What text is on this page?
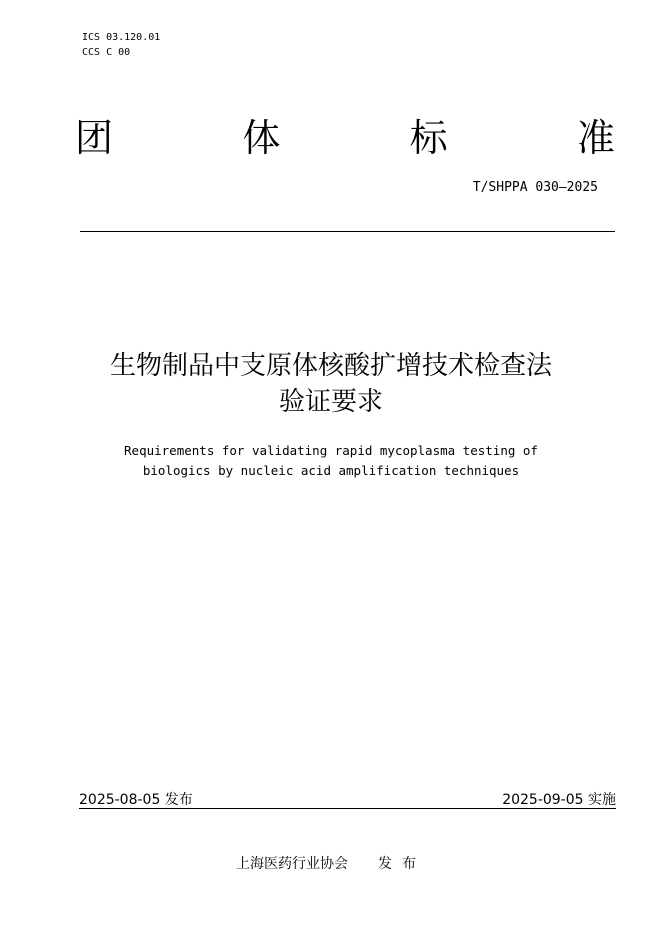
ICS 03.120.01
CCS C 00
团	体	标	准
T/SHPPA 030—2025
生物制品中支原体核酸扩增技术检查法
验证要求
Requirements for validating rapid mycoplasma testing of
biologics by nucleic acid amplification techniques
2025-08-05 发布	2025-09-05 实施
上海医药行业协会 发布
